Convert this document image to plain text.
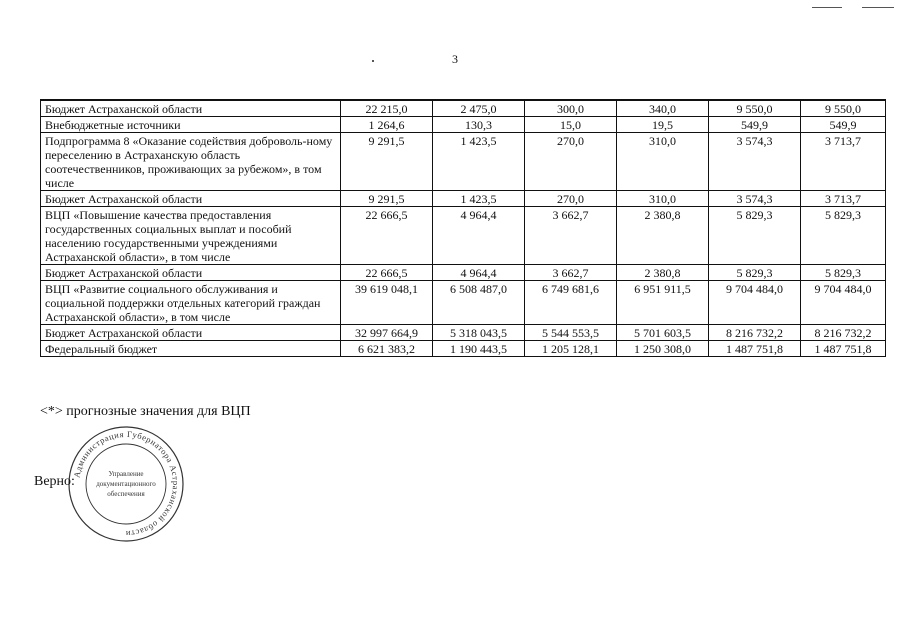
3
Бюджет Астраханской области	22 215,0	2 475,0	300,0	340,0	9 550,0	9 550,0
Внебюджетные источники	1 264,6	130,3	15,0	19,5	549,9	549,9
Подпрограмма 8 «Оказание содействия доброволь-ному переселению в Астраханскую область соотечественников, проживающих за рубежом», в том числе	9 291,5	1 423,5	270,0	310,0	3 574,3	3 713,7
Бюджет Астраханской области	9 291,5	1 423,5	270,0	310,0	3 574,3	3 713,7
ВЦП «Повышение качества предоставления государственных социальных выплат и пособий населению государственными учреждениями Астраханской области», в том числе	22 666,5	4 964,4	3 662,7	2 380,8	5 829,3	5 829,3
Бюджет Астраханской области	22 666,5	4 964,4	3 662,7	2 380,8	5 829,3	5 829,3
ВЦП «Развитие социального обслуживания и социальной поддержки отдельных категорий граждан Астраханской области», в том числе	39 619 048,1	6 508 487,0	6 749 681,6	6 951 911,5	9 704 484,0	9 704 484,0
Бюджет Астраханской области	32 997 664,9	5 318 043,5	5 544 553,5	5 701 603,5	8 216 732,2	8 216 732,2
Федеральный бюджет	6 621 383,2	1 190 443,5	1 205 128,1	1 250 308,0	1 487 751,8	1 487 751,8
<*> прогнозные значения для ВЦП
Администрация Губернатора Астраханской области
Управление
документационного
обеспечения
Верно:
